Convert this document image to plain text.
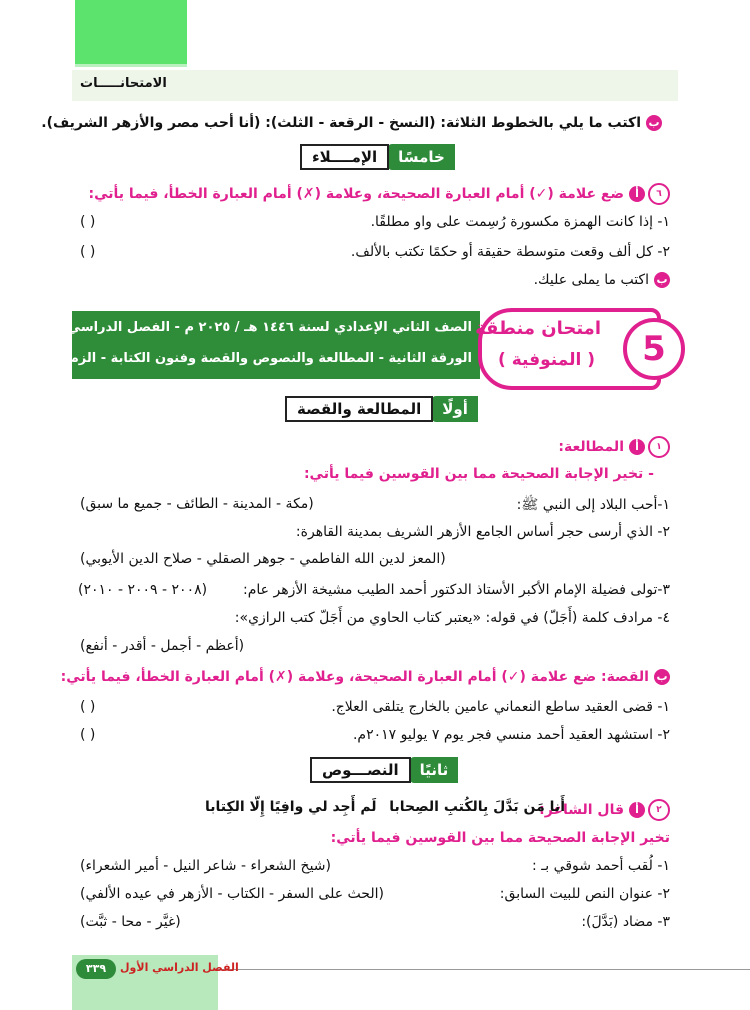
الامتحانـــــات
باكتب ما يلي بالخطوط الثلاثة: (النسخ - الرقعة - الثلث): (أنا أحب مصر والأزهر الشريف).
خامسًا
الإمــــلاء
٦أضع علامة (✓) أمام العبارة الصحيحة، وعلامة (✗) أمام العبارة الخطأ، فيما يأتي:
١- إذا كانت الهمزة مكسورة رُسِمت على واو مطلقًا.
( )
٢- كل ألف وقعت متوسطة حقيقة أو حكمًا تكتب بالألف.
( )
باكتب ما يملى عليك.
الصف الثاني الإعدادي لسنة ١٤٤٦ هـ / ٢٠٢٥ م - الفصل الدراسي الأول
الورقة الثانية - المطالعة والنصوص والقصة وفنون الكتابة - الزمن: ساعتان
امتحان منطقة
( المنوفية )	5
أولًا
المطالعة والقصة
١أالمطالعة:
- تخير الإجابة الصحيحة مما بين القوسين فيما يأتي:
١-أحب البلاد إلى النبي ﷺ:
(مكة - المدينة - الطائف - جميع ما سبق)
٢- الذي أرسى حجر أساس الجامع الأزهر الشريف بمدينة القاهرة:
(المعز لدين الله الفاطمي - جوهر الصقلي - صلاح الدين الأيوبي)
٣-تولى فضيلة الإمام الأكبر الأستاذ الدكتور أحمد الطيب مشيخة الأزهر عام:
(٢٠٠٨ - ٢٠٠٩ - ٢٠١٠)
٤- مرادف كلمة (أَجَلّ) في قوله: «يعتبر كتاب الحاوي من أَجَلّ كتب الرازي»:
(أعظم - أجمل - أقدر - أنفع)
بالقصة: ضع علامة (✓) أمام العبارة الصحيحة، وعلامة (✗) أمام العبارة الخطأ، فيما يأتي:
١- قضى العقيد ساطع النعماني عامين بالخارج يتلقى العلاج.
( )
٢- استشهد العقيد أحمد منسي فجر يوم ٧ يوليو ٢٠١٧م.
( )
ثانيًا
النصـــوص
٢أقال الشاعر:
أَنا مَن بَدَّلَ بِالكُتبِ الصِحابا
لَم أَجِد لي وافِيًا إِلّا الكِتابا
تخير الإجابة الصحيحة مما بين القوسين فيما يأتي:
١- لُقب أحمد شوقي بـ :
(شيخ الشعراء - شاعر النيل - أمير الشعراء)
٢- عنوان النص للبيت السابق:
(الحث على السفر - الكتاب - الأزهر في عيده الألفي)
٣- مضاد (بَدَّلَ):
(غيَّر - محا - ثبَّت)
٣٣٩	الفصل الدراسي الأول
